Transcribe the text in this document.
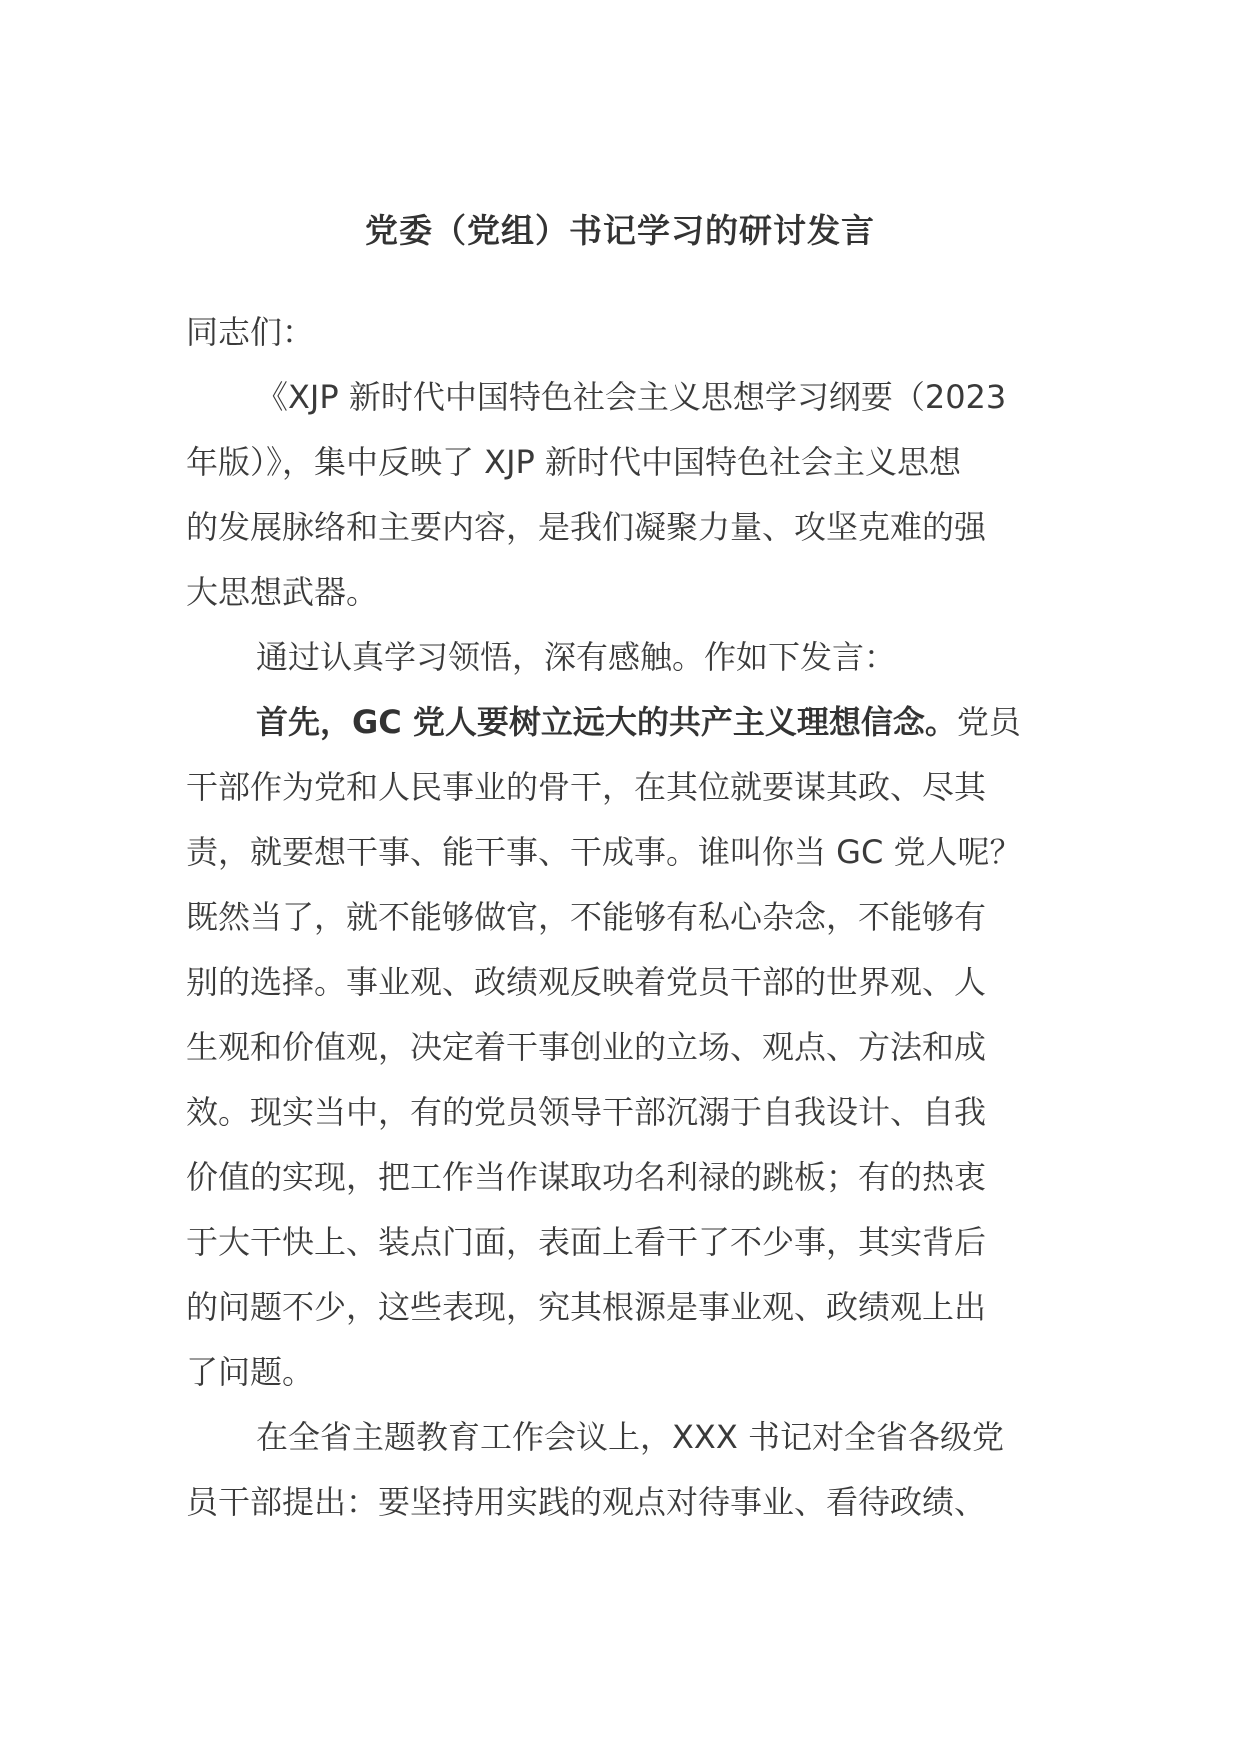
党委（党组）书记学习的研讨发言
同志们：
《XJP 新时代中国特色社会主义思想学习纲要（2023
年版）》，集中反映了 XJP 新时代中国特色社会主义思想
的发展脉络和主要内容，是我们凝聚力量、攻坚克难的强
大思想武器。
通过认真学习领悟，深有感触。作如下发言：
首先，GC 党人要树立远大的共产主义理想信念。党员
干部作为党和人民事业的骨干，在其位就要谋其政、尽其
责，就要想干事、能干事、干成事。谁叫你当 GC 党人呢？
既然当了，就不能够做官，不能够有私心杂念，不能够有
别的选择。事业观、政绩观反映着党员干部的世界观、人
生观和价值观，决定着干事创业的立场、观点、方法和成
效。现实当中，有的党员领导干部沉溺于自我设计、自我
价值的实现，把工作当作谋取功名利禄的跳板；有的热衷
于大干快上、装点门面，表面上看干了不少事，其实背后
的问题不少，这些表现，究其根源是事业观、政绩观上出
了问题。
在全省主题教育工作会议上，XXX 书记对全省各级党
员干部提出：要坚持用实践的观点对待事业、看待政绩、
